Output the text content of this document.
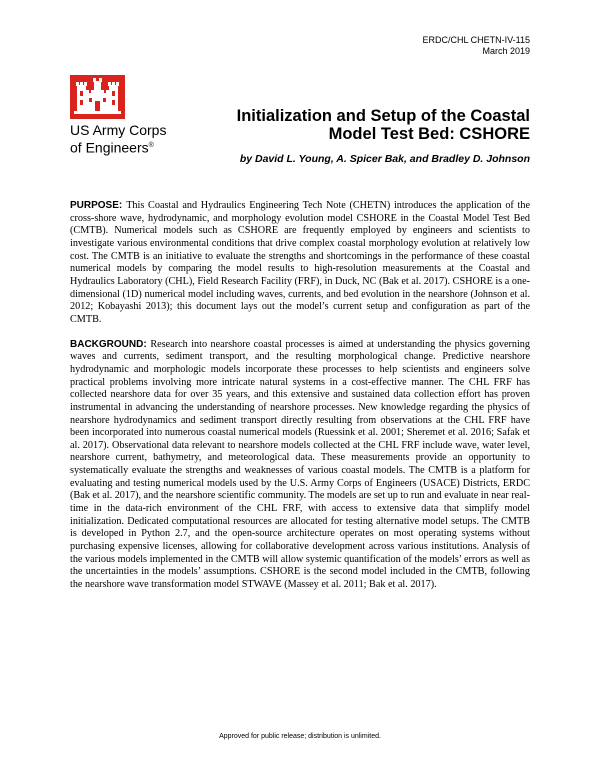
ERDC/CHL CHETN-IV-115
March 2019
US Army Corps
of Engineers®
Initialization and Setup of the Coastal
Model Test Bed: CSHORE
by David L. Young, A. Spicer Bak, and Bradley D. Johnson

PURPOSE: This Coastal and Hydraulics Engineering Tech Note (CHETN) introduces the application of the cross-shore wave, hydrodynamic, and morphology evolution model CSHORE in the Coastal Model Test Bed (CMTB). Numerical models such as CSHORE are frequently employed by engineers and scientists to investigate various environmental conditions that drive complex coastal morphology evolution at relatively low cost. The CMTB is an initiative to evaluate the strengths and shortcomings in the performance of these coastal numerical models by comparing the model results to high-resolution measurements at the Coastal and Hydraulics Laboratory (CHL), Field Research Facility (FRF), in Duck, NC (Bak et al. 2017). CSHORE is a one-dimensional (1D) numerical model including waves, currents, and bed evolution in the nearshore (Johnson et al. 2012; Kobayashi 2013); this document lays out the model’s current setup and configuration as part of the CMTB.

BACKGROUND: Research into nearshore coastal processes is aimed at understanding the physics governing waves and currents, sediment transport, and the resulting morphological change. Predictive nearshore hydrodynamic and morphologic models incorporate these processes to help scientists and engineers solve practical problems involving more intricate natural systems in a cost-effective manner. The CHL FRF has collected nearshore data for over 35 years, and this extensive and sustained data collection effort has proven instrumental in advancing the understanding of nearshore processes. New knowledge regarding the physics of nearshore hydrodynamics and sediment transport directly resulting from observations at the CHL FRF have been incorporated into numerous coastal numerical models (Ruessink et al. 2001; Sheremet et al. 2016; Safak et al. 2017). Observational data relevant to nearshore models collected at the CHL FRF include wave, water level, nearshore current, bathymetry, and meteorological data. These measurements provide an opportunity to systematically evaluate the strengths and weaknesses of various coastal models. The CMTB is a platform for evaluating and testing numerical models used by the U.S. Army Corps of Engineers (USACE) Districts, ERDC (Bak et al. 2017), and the nearshore scientific community. The models are set up to run and evaluate in near real-time in the data-rich environment of the CHL FRF, with access to extensive data that simplify model initialization. Dedicated computational resources are allocated for testing alternative model setups. The CMTB is developed in Python 2.7, and the open-source architecture operates on most operating systems without purchasing expensive licenses, allowing for collaborative development across various institutions. Analysis of the various models implemented in the CMTB will allow systemic quantification of the models’ errors as well as the uncertainties in the models’ assumptions. CSHORE is the second model included in the CMTB, following the nearshore wave transformation model STWAVE (Massey et al. 2011; Bak et al. 2017).

Approved for public release; distribution is unlimited.
